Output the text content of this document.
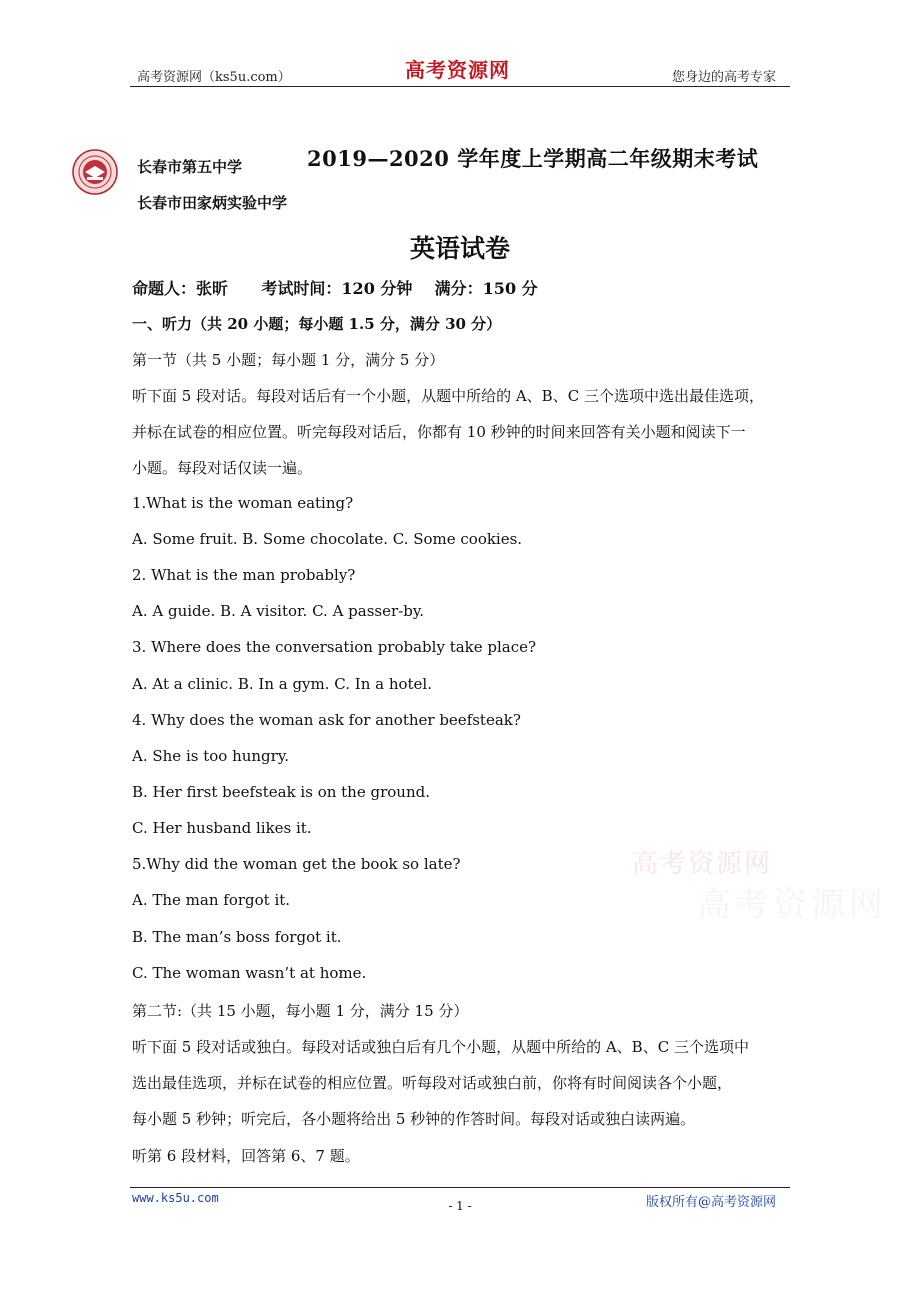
高考资源网（ks5u.com）	高考资源网	您身边的高考专家
长春市第五中学
长春市田家炳实验中学
2019—2020 学年度上学期高二年级期末考试
英语试卷
命题人：张昕      考试时间：120 分钟    满分：150 分
一、听力（共 20 小题；每小题 1.5 分，满分 30 分）
第一节（共 5 小题；每小题 1 分，满分 5 分）
听下面 5 段对话。每段对话后有一个小题，从题中所给的 A、B、C 三个选项中选出最佳选项，
并标在试卷的相应位置。听完每段对话后，你都有 10 秒钟的时间来回答有关小题和阅读下一
小题。每段对话仅读一遍。
1.What is the woman eating?
A. Some fruit. B. Some chocolate. C. Some cookies.
2. What is the man probably?
A. A guide. B. A visitor. C. A passer-by.
3. Where does the conversation probably take place?
A. At a clinic. B. In a gym. C. In a hotel.
4. Why does the woman ask for another beefsteak?
A. She is too hungry.
B. Her first beefsteak is on the ground.
C. Her husband likes it.
5.Why did the woman get the book so late?
A. The man forgot it.
B. The man’s boss forgot it.
C. The woman wasn’t at home.
第二节:（共 15 小题，每小题 1 分，满分 15 分）
听下面 5 段对话或独白。每段对话或独白后有几个小题，从题中所给的 A、B、C 三个选项中
选出最佳选项，并标在试卷的相应位置。听每段对话或独白前，你将有时间阅读各个小题，
每小题 5 秒钟；听完后，各小题将给出 5 秒钟的作答时间。每段对话或独白读两遍。
听第 6 段材料，回答第 6、7 题。
高考资源网
高考资源网
www.ks5u.com
- 1 -	版权所有@高考资源网
